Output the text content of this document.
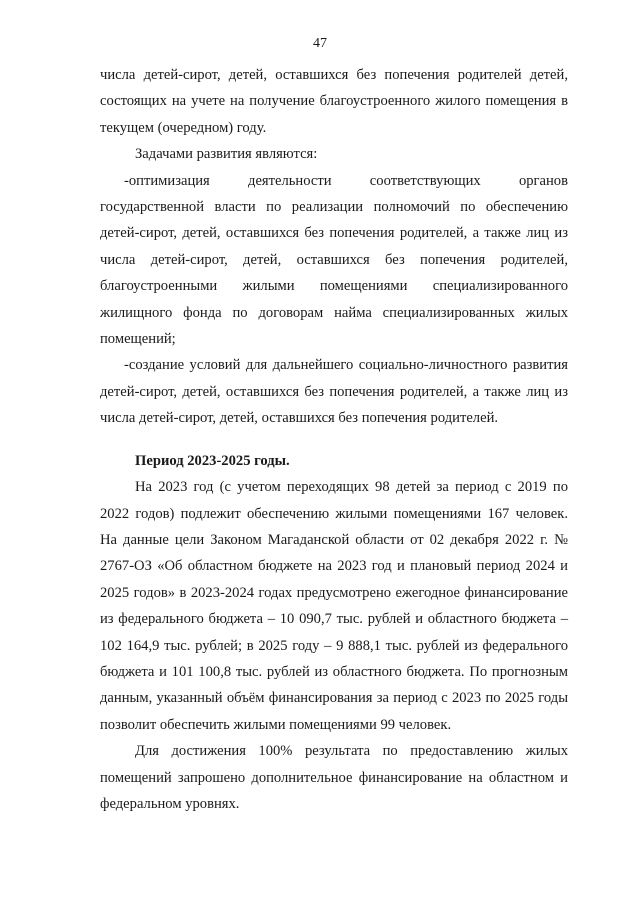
47

числа детей-сирот, детей, оставшихся без попечения родителей детей, состоящих на учете на получение благоустроенного жилого помещения в текущем (очередном) году.

Задачами развития являются:

-оптимизация деятельности соответствующих органов государственной власти по реализации полномочий по обеспечению детей-сирот, детей, оставшихся без попечения родителей, а также лиц из числа детей-сирот, детей, оставшихся без попечения родителей, благоустроенными жилыми помещениями специализированного жилищного фонда по договорам найма специализированных жилых помещений;

-создание условий для дальнейшего социально-личностного развития детей-сирот, детей, оставшихся без попечения родителей, а также лиц из числа детей-сирот, детей, оставшихся без попечения родителей.

Период 2023-2025 годы.

На 2023 год (с учетом переходящих 98 детей за период с 2019 по 2022 годов) подлежит обеспечению жилыми помещениями 167 человек. На данные цели Законом Магаданской области от 02 декабря 2022 г. № 2767-ОЗ «Об областном бюджете на 2023 год и плановый период 2024 и 2025 годов» в 2023-2024 годах предусмотрено ежегодное финансирование из федерального бюджета – 10 090,7 тыс. рублей и областного бюджета – 102 164,9 тыс. рублей; в 2025 году – 9 888,1 тыс. рублей из федерального бюджета и 101 100,8 тыс. рублей из областного бюджета. По прогнозным данным, указанный объём финансирования за период с 2023 по 2025 годы позволит обеспечить жилыми помещениями 99 человек.

Для достижения 100% результата по предоставлению жилых помещений запрошено дополнительное финансирование на областном и федеральном уровнях.
